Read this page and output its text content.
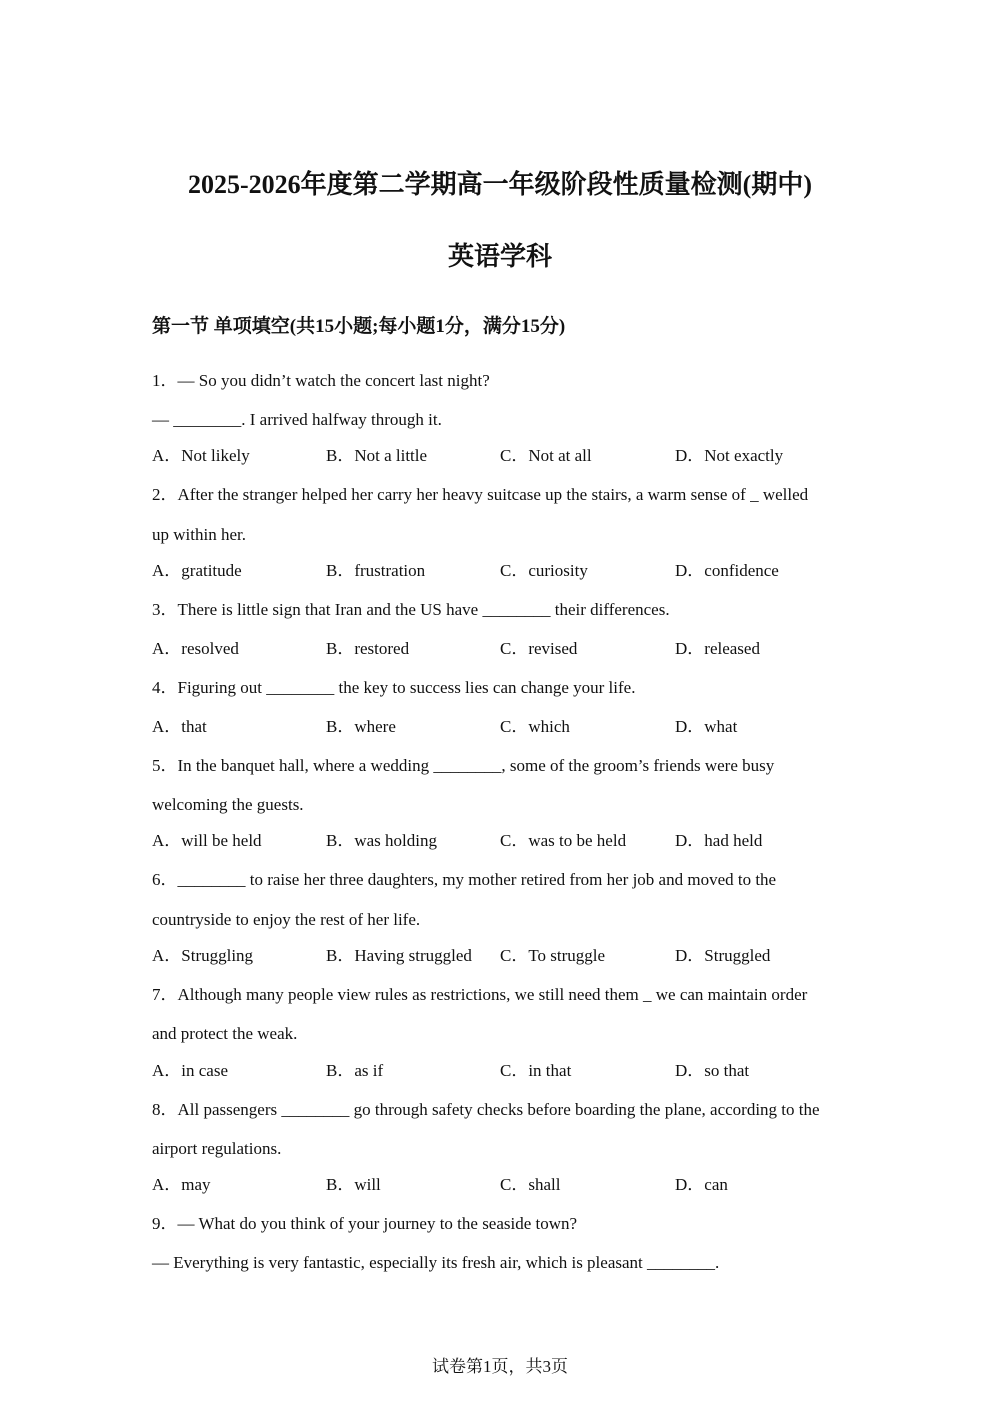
2025-2026年度第二学期高一年级阶段性质量检测(期中)
英语学科
第一节 单项填空(共15小题;每小题1分，满分15分)
1．— So you didn’t watch the concert last night?
— ________. I arrived halfway through it.
A．Not likely	B．Not a little	C．Not at all	D．Not exactly
2．After the stranger helped her carry her heavy suitcase up the stairs, a warm sense of _ welled
up within her.
A．gratitude	B．frustration	C．curiosity	D．confidence
3．There is little sign that Iran and the US have ________ their differences.
A．resolved	B．restored	C．revised	D．released
4．Figuring out ________ the key to success lies can change your life.
A．that	B．where	C．which	D．what
5．In the banquet hall, where a wedding ________, some of the groom’s friends were busy
welcoming the guests.
A．will be held	B．was holding	C．was to be held	D．had held
6．________ to raise her three daughters, my mother retired from her job and moved to the
countryside to enjoy the rest of her life.
A．Struggling	B．Having struggled C．To struggle	D．Struggled
7．Although many people view rules as restrictions, we still need them _ we can maintain order
and protect the weak.
A．in case	B．as if	C．in that	D．so that
8．All passengers ________ go through safety checks before boarding the plane, according to the
airport regulations.
A．may	B．will	C．shall	D．can
9．— What do you think of your journey to the seaside town?
— Everything is very fantastic, especially its fresh air, which is pleasant ________.
试卷第1页，共3页
